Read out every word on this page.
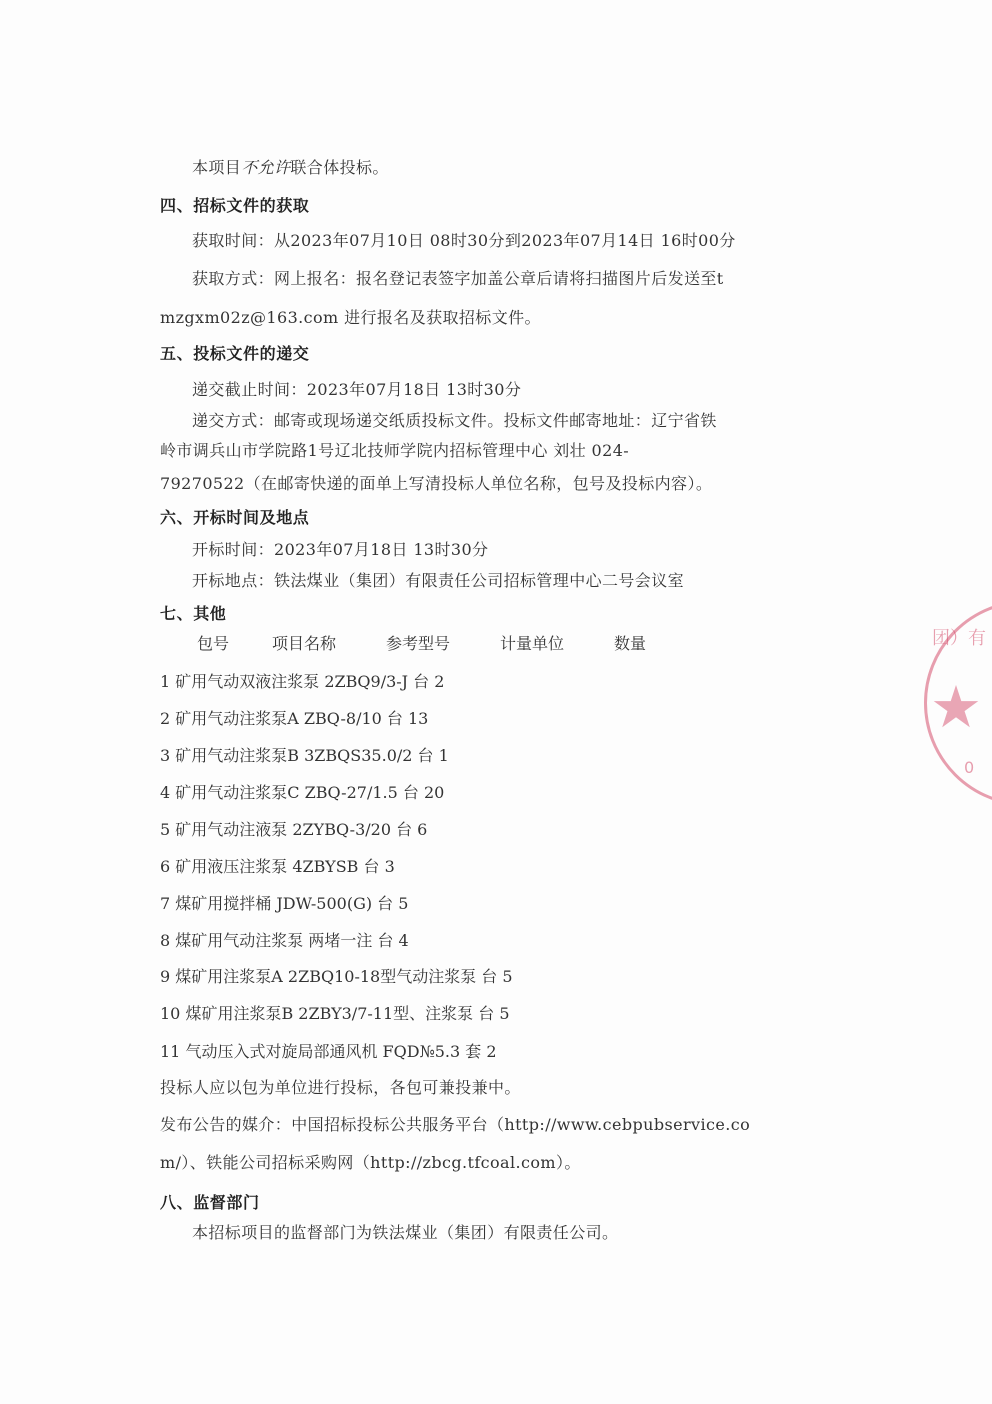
本项目不允许联合体投标。
四、招标文件的获取
获取时间：从2023年07月10日 08时30分到2023年07月14日 16时00分
获取方式：网上报名：报名登记表签字加盖公章后请将扫描图片后发送至t
mzgxm02z@163.com 进行报名及获取招标文件。
五、投标文件的递交
递交截止时间：2023年07月18日 13时30分
递交方式：邮寄或现场递交纸质投标文件。投标文件邮寄地址：辽宁省铁
岭市调兵山市学院路1号辽北技师学院内招标管理中心 刘壮 024-
79270522（在邮寄快递的面单上写清投标人单位名称，包号及投标内容）。
六、开标时间及地点
开标时间：2023年07月18日 13时30分
开标地点：铁法煤业（集团）有限责任公司招标管理中心二号会议室
七、其他
包号	项目名称	参考型号	计量单位	数量
1 矿用气动双液注浆泵 2ZBQ9/3-J 台 2
2 矿用气动注浆泵A ZBQ-8/10 台 13
3 矿用气动注浆泵B 3ZBQS35.0/2 台 1
4 矿用气动注浆泵C ZBQ-27/1.5 台 20
5 矿用气动注液泵 2ZYBQ-3/20 台 6
6 矿用液压注浆泵 4ZBYSB 台 3
7 煤矿用搅拌桶 JDW-500(G) 台 5
8 煤矿用气动注浆泵 两堵一注 台 4
9 煤矿用注浆泵A 2ZBQ10-18型气动注浆泵 台 5
10 煤矿用注浆泵B 2ZBY3/7-11型、注浆泵 台 5
11 气动压入式对旋局部通风机 FQD№5.3 套 2
投标人应以包为单位进行投标，各包可兼投兼中。
发布公告的媒介：中国招标投标公共服务平台（http://www.cebpubservice.co
m/）、铁能公司招标采购网（http://zbcg.tfcoal.com）。
八、监督部门
本招标项目的监督部门为铁法煤业（集团）有限责任公司。
团）有
★
0
